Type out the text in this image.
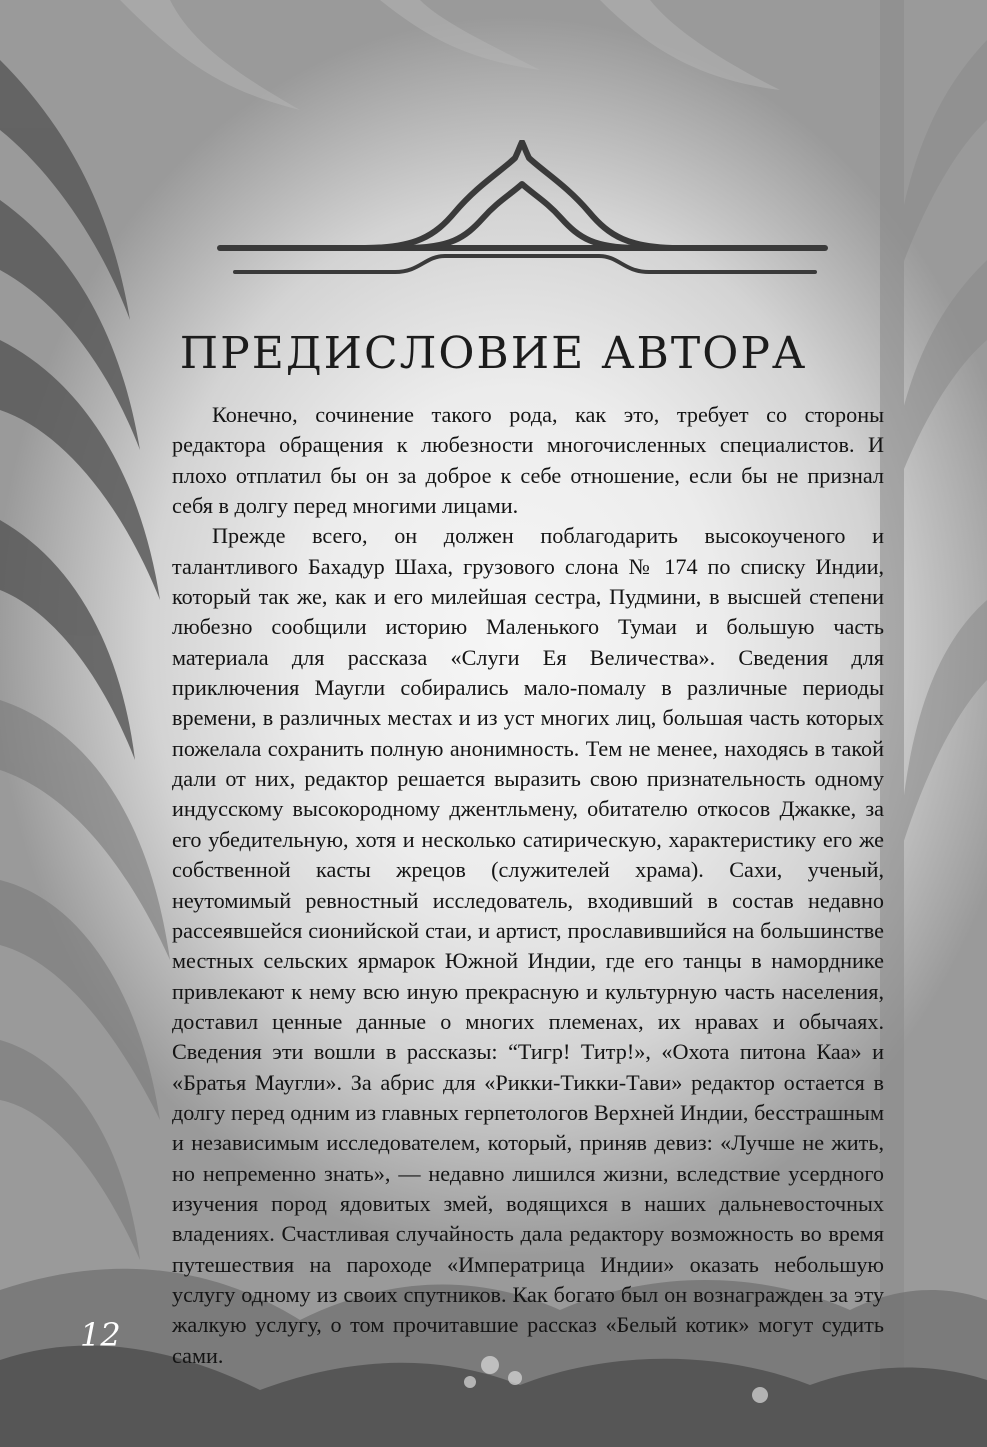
ПРЕДИСЛОВИЕ АВТОРА

Конечно, сочинение такого рода, как это, требует со стороны редактора обращения к любезности многочисленных специалистов. И плохо отплатил бы он за доброе к себе отношение, если бы не признал себя в долгу перед многими лицами.

Прежде всего, он должен поблагодарить высокоученого и талантливого Бахадур Шаха, грузового слона № 174 по списку Индии, который так же, как и его милейшая сестра, Пудмини, в высшей степени любезно сообщили историю Маленького Тумаи и большую часть материала для рассказа «Слуги Ея Величества». Сведения для приключения Маугли собирались мало-помалу в различные периоды времени, в различных местах и из уст многих лиц, большая часть которых пожелала сохранить полную анонимность. Тем не менее, находясь в такой дали от них, редактор решается выразить свою признательность одному индусскому высокородному джентльмену, обитателю откосов Джакке, за его убедительную, хотя и несколько сатирическую, характеристику его же собственной касты жрецов (служителей храма). Сахи, ученый, неутомимый ревностный исследователь, входивший в состав недавно рассеявшейся сионийской стаи, и артист, прославившийся на большинстве местных сельских ярмарок Южной Индии, где его танцы в наморднике привлекают к нему всю иную прекрасную и культурную часть населения, доставил ценные данные о многих племенах, их нравах и обычаях. Сведения эти вошли в рассказы: “Тигр! Титр!», «Охота питона Каа» и «Братья Маугли». За абрис для «Рикки-Тикки-Тави» редактор остается в долгу перед одним из главных герпетологов Верхней Индии, бесстрашным и независимым исследователем, который, приняв девиз: «Лучше не жить, но непременно знать», — недавно лишился жизни, вследствие усердного изучения пород ядовитых змей, водящихся в наших дальневосточных владениях. Счастливая случайность дала редактору возможность во время путешествия на пароходе «Императрица Индии» оказать небольшую услугу одному из своих спутников. Как богато был он вознагражден за эту жалкую услугу, о том прочитавшие рассказ «Белый котик» могут судить сами.

12
